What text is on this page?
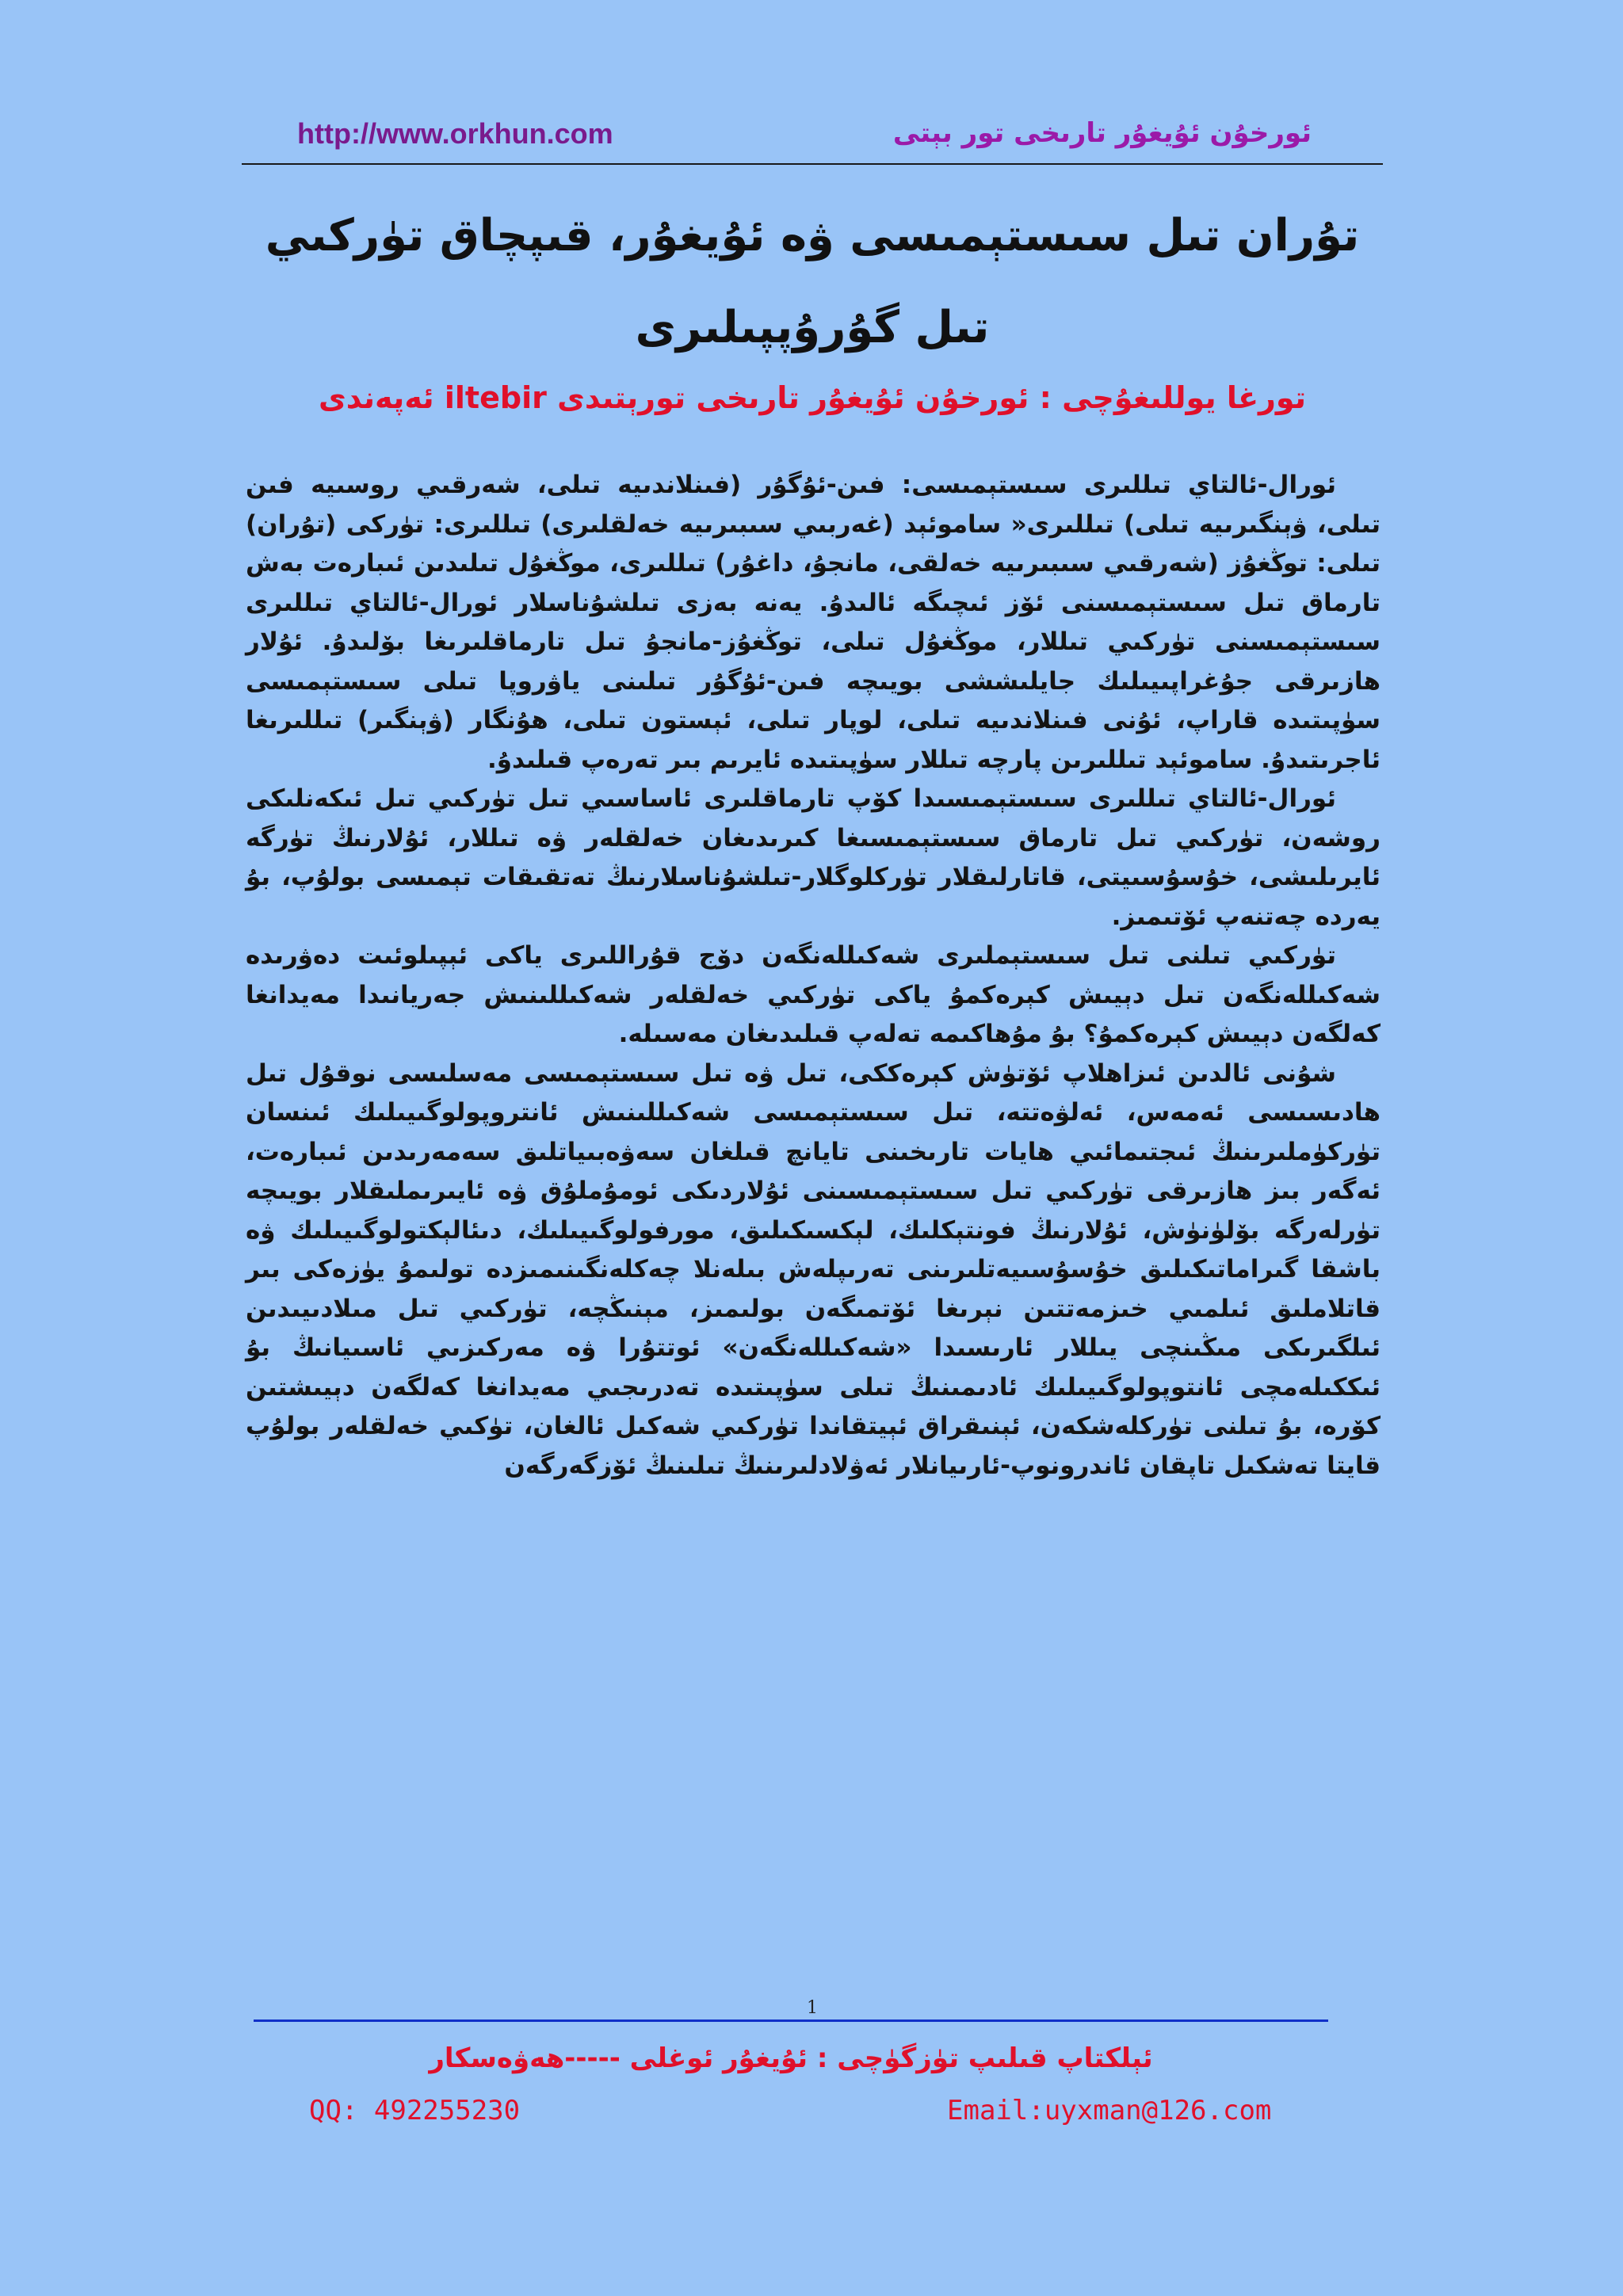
http://www.orkhun.com	ئورخۇن ئۇيغۇر تارىخى تور بېتى
تۇران تىل سىستېمىسى ۋە ئۇيغۇر، قىپچاق تۈركىي تىل گۇرۇپپىلىرى
تورغا يوللىغۇچى : ئورخۇن ئۇيغۇر تارىخى تورېتىدى iltebir ئەپەندى

ئورال-ئالتاي تىللىرى سىستېمىسى: فىن-ئۇگۇر (فىنلاندىيە تىلى، شەرقىي روسىيە فىن تىلى، ۋېنگىرىيە تىلى) تىللىرى« ساموئېد (غەربىي سىبىرىيە خەلقلىرى) تىللىرى: تۈركى (تۇران) تىلى: توڭغۇز (شەرقىي سىبىرىيە خەلقى، مانجۇ، داغۇر) تىللىرى، موڭغۇل تىلىدىن ئىبارەت بەش تارماق تىل سىستېمىسنى ئۆز ئىچىگە ئالىدۇ. يەنە بەزى تىلشۇناسلار ئورال-ئالتاي تىللىرى سىستېمىسنى تۈركىي تىللار، موڭغۇل تىلى، توڭغۇز-مانجۇ تىل تارماقلىرىغا بۆلىدۇ. ئۇلار ھازىرقى جۇغراپىيىلىك جايلىششى بويىچە فىن-ئۇگۇر تىلىنى ياۋروپا تىلى سىستېمىسى سۈپىتىدە قاراپ، ئۇنى فىنلاندىيە تىلى، لوپار تىلى، ئېستون تىلى، ھۇنگار (ۋېنگىر) تىللىرىغا ئاجرىتىدۇ. ساموئېد تىللىرىن پارچە تىللار سۈپىتىدە ئايرىم بىر تەرەپ قىلىدۇ.

ئورال-ئالتاي تىللىرى سىستېمىسىدا كۆپ تارماقلىرى ئاساسىي تىل تۈركىي تىل ئىكەنلىكى روشەن، تۈركىي تىل تارماق سىستېمىسىغا كىرىدىغان خەلقلەر ۋە تىللار، ئۇلارنىڭ تۈرگە ئايرىلىشى، خۇسۇسىيتى، قاتارلىقلار تۈركلوگلار-تىلشۇناسلارنىڭ تەتقىقات تېمىسى بولۇپ، بۇ يەردە چەتنەپ ئۆتىمىز.

تۈركىي تىلنى تىل سىستېملىرى شەكىللەنگەن دۆج قۇراللىرى ياكى ئېپىلوئىت دەۋرىدە شەكىللەنگەن تىل دېيىش كېرەكمۇ ياكى تۈركىي خەلقلەر شەكىللىنىش جەريانىدا مەيدانغا كەلگەن دېيىش كېرەكمۇ؟ بۇ مۇھاكىمە تەلەپ قىلىدىغان مەسىلە.

شۇنى ئالدىن ئىزاھلاپ ئۆتۈش كېرەككى، تىل ۋە تىل سىستېمىسى مەسلىسى نوقۇل تىل ھادىسىسى ئەمەس، ئەلۋەتتە، تىل سىستېمىسى شەكىللىنىش ئانتروپولوگىيىلىك ئىنسان تۈركۈملىرىنىڭ ئىجتىمائىي ھايات تارىخىنى تايانچ قىلغان سەۋەبىياتلىق سەمەرىدىن ئىبارەت، ئەگەر بىز ھازىرقى تۈركىي تىل سىستېمىسىنى ئۇلاردىكى ئومۇملۇق ۋە ئايىرىملىقلار بويىچە تۈرلەرگە بۆلۈنۈش، ئۇلارنىڭ فونتېكلىك، لېكسىكىلىق، مورفولوگىيىلىك، دىئالېكتولوگىيىلىك ۋە باشقا گىراماتىكىلىق خۇسۇسىيەتلىرىنى تەرىپلەش بىلەنلا چەكلەنگىنىمىزدە تولىمۇ يۈزەكى بىر قاتلاملىق ئىلمىي خىزمەتتىن نېرىغا ئۆتمىگەن بولىمىز، مېنىڭچە، تۈركىي تىل مىلادىيىدىن ئىلگىرىكى مىڭىنچى يىللار ئارىسىدا «شەكىللەنگەن» ئوتتۇرا ۋە مەركىزىي ئاسىيانىڭ بۇ ئىككىلەمچى ئانتوپولوگىيىلىك ئادىمىنىڭ تىلى سۈپىتىدە تەدرىجىي مەيدانغا كەلگەن دېيىشتىن كۆرە، بۇ تىلنى تۈركلەشكەن، ئېنىقراق ئېيتقاندا تۈركىي شەكىل ئالغان، تۈكىي خەلقلەر بولۇپ قايتا تەشكىل تاپقان ئاندرونوپ-ئارىيانلار ئەۋلادلىرىنىڭ تىلىنىڭ ئۆزگەرگەن

1
ئېلكتاپ قىلىپ تۈزگۈچى : ئۇيغۇر ئوغلى -----ھەۋەسكار
QQ: 492255230	Email:uyxman@126.com
